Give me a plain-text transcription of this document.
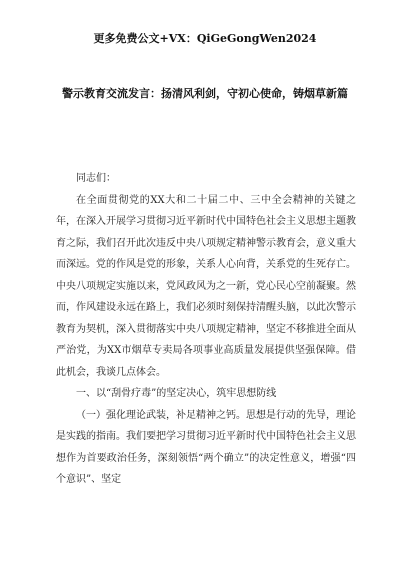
更多免费公文+VX：QiGeGongWen2024
警示教育交流发言：扬清风利剑，守初心使命，铸烟草新篇

同志们：

在全面贯彻党的XX大和二十届二中、三中全会精神的关键之年，在深入开展学习贯彻习近平新时代中国特色社会主义思想主题教育之际，我们召开此次违反中央八项规定精神警示教育会，意义重大而深远。党的作风是党的形象，关系人心向背，关系党的生死存亡。中央八项规定实施以来，党风政风为之一新，党心民心空前凝聚。然而，作风建设永远在路上，我们必须时刻保持清醒头脑，以此次警示教育为契机，深入贯彻落实中央八项规定精神，坚定不移推进全面从严治党，为XX市烟草专卖局各项事业高质量发展提供坚强保障。借此机会，我谈几点体会。

一、以“刮骨疗毒”的坚定决心，筑牢思想防线

（一）强化理论武装，补足精神之钙。思想是行动的先导，理论是实践的指南。我们要把学习贯彻习近平新时代中国特色社会主义思想作为首要政治任务，深刻领悟“两个确立”的决定性意义，增强“四个意识”、坚定
